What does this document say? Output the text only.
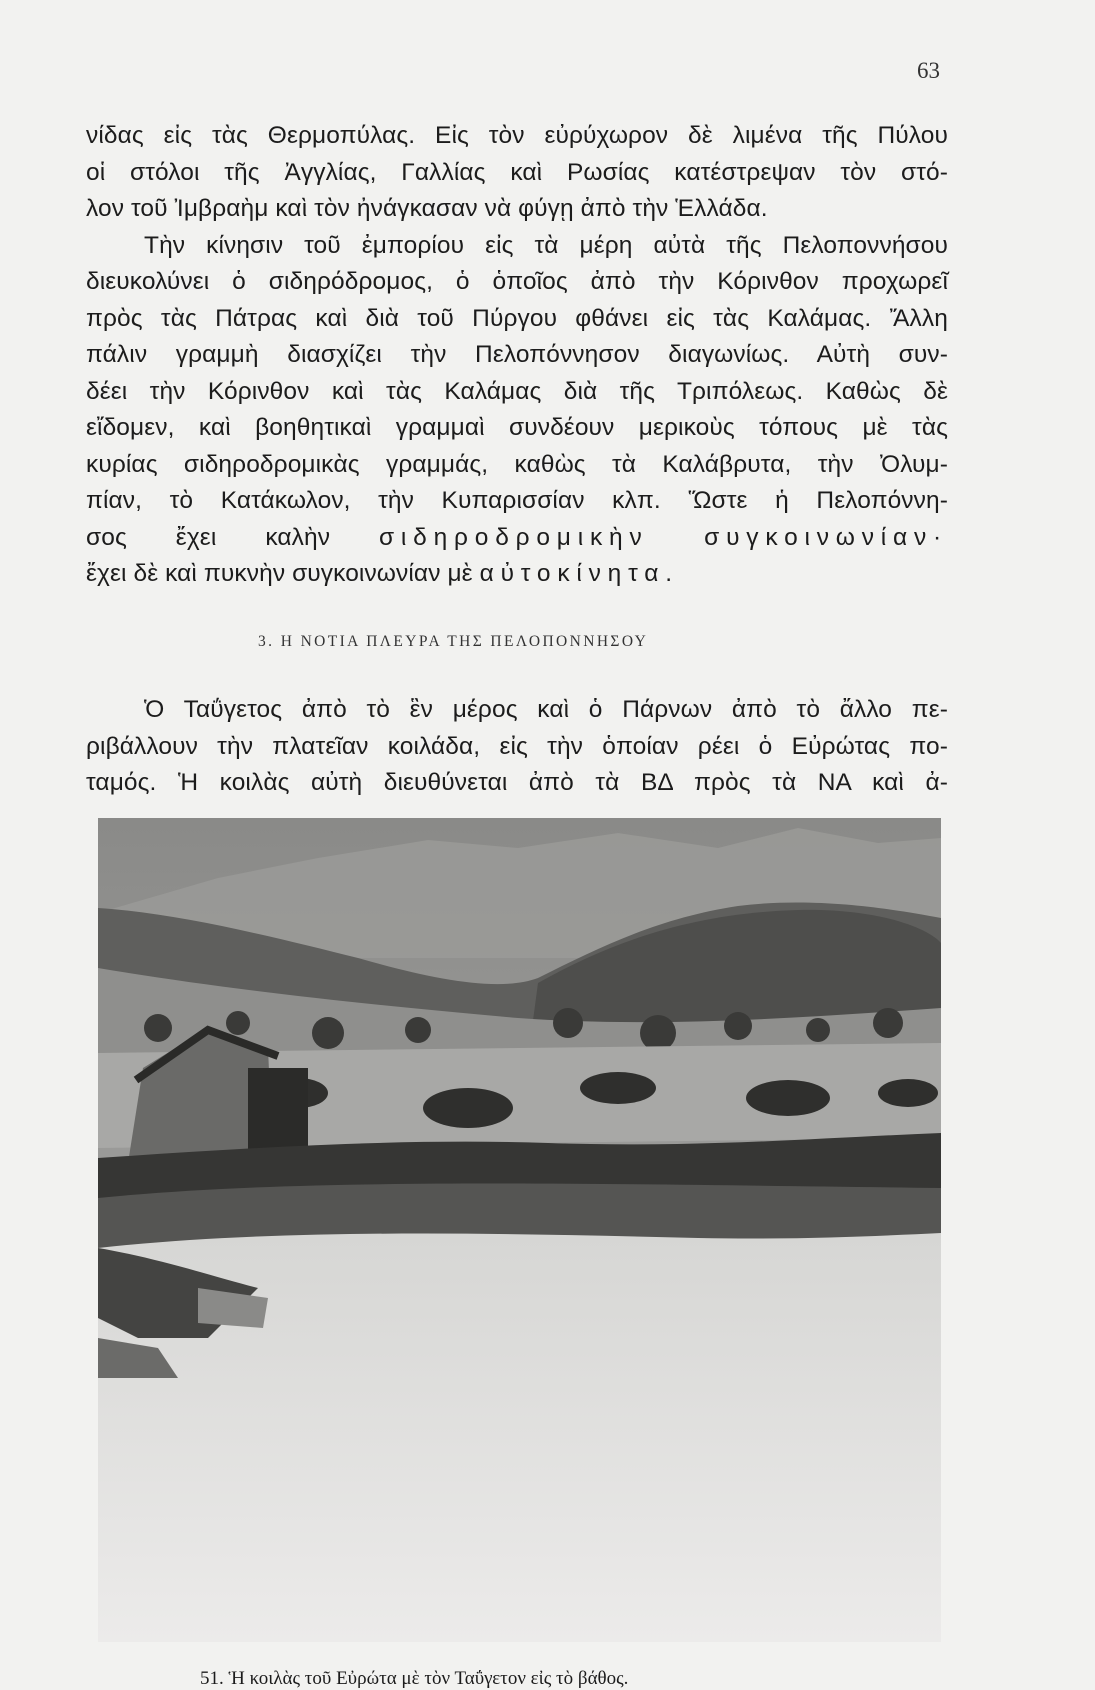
63
νίδας εἰς τὰς Θερμοπύλας. Εἰς τὸν εὐρύχωρον δὲ λιμένα τῆς Πύλου
οἱ στόλοι τῆς Ἀγγλίας, Γαλλίας καὶ Ρωσίας κατέστρεψαν τὸν στό-
λον τοῦ Ἰμβραὴμ καὶ τὸν ἠνάγκασαν νὰ φύγῃ ἀπὸ τὴν Ἑλλάδα.
Τὴν κίνησιν τοῦ ἐμπορίου εἰς τὰ μέρη αὐτὰ τῆς Πελοποννήσου
διευκολύνει ὁ σιδηρόδρομος, ὁ ὁποῖος ἀπὸ τὴν Κόρινθον προχωρεῖ
πρὸς τὰς Πάτρας καὶ διὰ τοῦ Πύργου φθάνει εἰς τὰς Καλάμας. Ἄλλη
πάλιν γραμμὴ διασχίζει τὴν Πελοπόννησον διαγωνίως. Αὐτὴ συν-
δέει τὴν Κόρινθον καὶ τὰς Καλάμας διὰ τῆς Τριπόλεως. Καθὼς δὲ
εἴδομεν, καὶ βοηθητικαὶ γραμμαὶ συνδέουν μερικοὺς τόπους μὲ τὰς
κυρίας σιδηροδρομικὰς γραμμάς, καθὼς τὰ Καλάβρυτα, τὴν Ὀλυμ-
πίαν, τὸ Κατάκωλον, τὴν Κυπαρισσίαν κλπ. Ὥστε ἡ Πελοπόννη-
σος ἔχει καλὴν σιδηροδρομικὴν συγκοινωνίαν·
ἔχει δὲ καὶ πυκνὴν συγκοινωνίαν μὲ αὐτοκίνητα.
3. Η ΝΟΤΙΑ ΠΛΕΥΡΑ ΤΗΣ ΠΕΛΟΠΟΝΝΗΣΟΥ
Ὁ Ταΰγετος ἀπὸ τὸ ἓν μέρος καὶ ὁ Πάρνων ἀπὸ τὸ ἄλλο πε-
ριβάλλουν τὴν πλατεῖαν κοιλάδα, εἰς τὴν ὁποίαν ρέει ὁ Εὐρώτας πο-
ταμός. Ἡ κοιλὰς αὐτὴ διευθύνεται ἀπὸ τὰ ΒΔ πρὸς τὰ ΝΑ καὶ ἀ-
51. Ἡ κοιλὰς τοῦ Εὐρώτα μὲ τὸν Ταΰγετον εἰς τὸ βάθος.
